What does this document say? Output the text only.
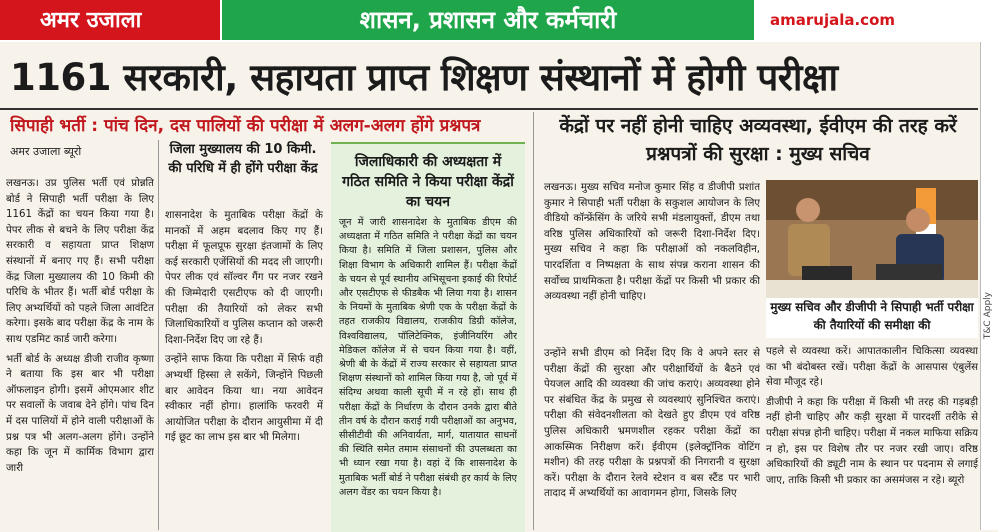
अमर उजाला	शासन, प्रशासन और कर्मचारी	amarujala.com
T&C Apply
1161 सरकारी, सहायता प्राप्त शिक्षण संस्थानों में होगी परीक्षा
सिपाही भर्ती : पांच दिन, दस पालियों की परीक्षा में अलग-अलग होंगे प्रश्नपत्र
अमर उजाला ब्यूरो

लखनऊ। उप्र पुलिस भर्ती एवं प्रोन्नति बोर्ड ने सिपाही भर्ती परीक्षा के लिए 1161 केंद्रों का चयन किया गया है। पेपर लीक से बचने के लिए परीक्षा केंद्र सरकारी व सहायता प्राप्त शिक्षण संस्थानों में बनाए गए हैं। सभी परीक्षा केंद्र जिला मुख्यालय की 10 किमी की परिधि के भीतर हैं। भर्ती बोर्ड परीक्षा के लिए अभ्यर्थियों को पहले जिला आवंटित करेगा। इसके बाद परीक्षा केंद्र के नाम के साथ एडमिट कार्ड जारी करेगा।

भर्ती बोर्ड के अध्यक्ष डीजी राजीव कृष्णा ने बताया कि इस बार भी परीक्षा ऑफलाइन होगी। इसमें ओएमआर शीट पर सवालों के जवाब देने होंगे। पांच दिन में दस पालियों में होने वाली परीक्षाओं के प्रश्न पत्र भी अलग-अलग होंगे। उन्होंने कहा कि जून में कार्मिक विभाग द्वारा जारी

जिला मुख्यालय की 10 किमी. की परिधि में ही होंगे परीक्षा केंद्र

शासनादेश के मुताबिक परीक्षा केंद्रों के मानकों में अहम बदलाव किए गए हैं। परीक्षा में फूलप्रूफ सुरक्षा इंतजामों के लिए कई सरकारी एजेंसियों की मदद ली जाएगी। पेपर लीक एवं सॉल्वर गैंग पर नजर रखने की जिम्मेदारी एसटीएफ को दी जाएगी। परीक्षा की तैयारियों को लेकर सभी जिलाधिकारियों व पुलिस कप्तान को जरूरी दिशा-निर्देश दिए जा रहे हैं।

उन्होंने साफ किया कि परीक्षा में सिर्फ वही अभ्यर्थी हिस्सा ले सकेंगे, जिन्होंने पिछली बार आवेदन किया था। नया आवेदन स्वीकार नहीं होगा। हालांकि फरवरी में आयोजित परीक्षा के दौरान आयुसीमा में दी गई छूट का लाभ इस बार भी मिलेगा।

जिलाधिकारी की अध्यक्षता में गठित समिति ने किया परीक्षा केंद्रों का चयन
जून में जारी शासनादेश के मुताबिक डीएम की अध्यक्षता में गठित समिति ने परीक्षा केंद्रों का चयन किया है। समिति में जिला प्रशासन, पुलिस और शिक्षा विभाग के अधिकारी शामिल हैं। परीक्षा केंद्रों के चयन से पूर्व स्थानीय अभिसूचना इकाई की रिपोर्ट और एसटीएफ से फीडबैक भी लिया गया है। शासन के नियमों के मुताबिक श्रेणी एक के परीक्षा केंद्रों के तहत राजकीय विद्यालय, राजकीय डिग्री कॉलेज, विश्वविद्यालय, पॉलिटेक्निक, इंजीनियरिंग और मेडिकल कॉलेज में से चयन किया गया है। वहीं, श्रेणी बी के केंद्रों में राज्य सरकार से सहायता प्राप्त शिक्षण संस्थानों को शामिल किया गया है, जो पूर्व में संदिग्ध अथवा काली सूची में न रहे हों। साथ ही परीक्षा केंद्रों के निर्धारण के दौरान उनके द्वारा बीते तीन वर्ष के दौरान कराई गयी परीक्षाओं का अनुभव, सीसीटीवी की अनिवार्यता, मार्ग, यातायात साधनों की स्थिति समेत तमाम संसाधनों की उपलब्धता का भी ध्यान रखा गया है। वहां दें कि शासनादेश के मुताबिक भर्ती बोर्ड ने परीक्षा संबंधी हर कार्य के लिए अलग वेंडर का चयन किया है।
केंद्रों पर नहीं होनी चाहिए अव्यवस्था, ईवीएम की तरह करें प्रश्नपत्रों की सुरक्षा : मुख्य सचिव

लखनऊ। मुख्य सचिव मनोज कुमार सिंह व डीजीपी प्रशांत कुमार ने सिपाही भर्ती परीक्षा के सकुशल आयोजन के लिए वीडियो कॉन्फ्रेंसिंग के जरिये सभी मंडलायुक्तों, डीएम तथा वरिष्ठ पुलिस अधिकारियों को जरूरी दिशा-निर्देश दिए। मुख्य सचिव ने कहा कि परीक्षाओं को नकलविहीन, पारदर्शिता व निष्पक्षता के साथ संपन्न कराना शासन की सर्वोच्च प्राथमिकता है। परीक्षा केंद्रों पर किसी भी प्रकार की अव्यवस्था नहीं होनी चाहिए।

उन्होंने सभी डीएम को निर्देश दिए कि वे अपने स्तर से परीक्षा केंद्रों की सुरक्षा और परीक्षार्थियों के बैठने एवं पेयजल आदि की व्यवस्था की जांच कराएं। अव्यवस्था होने पर संबंधित केंद्र के प्रमुख से व्यवस्थाएं सुनिश्चित कराएं। परीक्षा की संवेदनशीलता को देखते हुए डीएम एवं वरिष्ठ पुलिस अधिकारी भ्रमणशील रहकर परीक्षा केंद्रों का आकस्मिक निरीक्षण करें। ईवीएम (इलेक्ट्रॉनिक वोटिंग मशीन) की तरह परीक्षा के प्रश्नपत्रों की निगरानी व सुरक्षा करें। परीक्षा के दौरान रेलवे स्टेशन व बस स्टैंड पर भारी तादाद में अभ्यर्थियों का आवागमन होगा, जिसके लिए

मुख्य सचिव और डीजीपी ने सिपाही भर्ती परीक्षा की तैयारियों की समीक्षा की

पहले से व्यवस्था करें। आपातकालीन चिकित्सा व्यवस्था का भी बंदोबस्त रखें। परीक्षा केंद्रों के आसपास एंबुलेंस सेवा मौजूद रहे।

डीजीपी ने कहा कि परीक्षा में किसी भी तरह की गड़बड़ी नहीं होनी चाहिए और कड़ी सुरक्षा में पारदर्शी तरीके से परीक्षा संपन्न होनी चाहिए। परीक्षा में नकल माफिया सक्रिय न हो, इस पर विशेष तौर पर नजर रखी जाए। वरिष्ठ अधिकारियों की ड्यूटी नाम के स्थान पर पदनाम से लगाई जाए, ताकि किसी भी प्रकार का असमंजस न रहे। ब्यूरो
